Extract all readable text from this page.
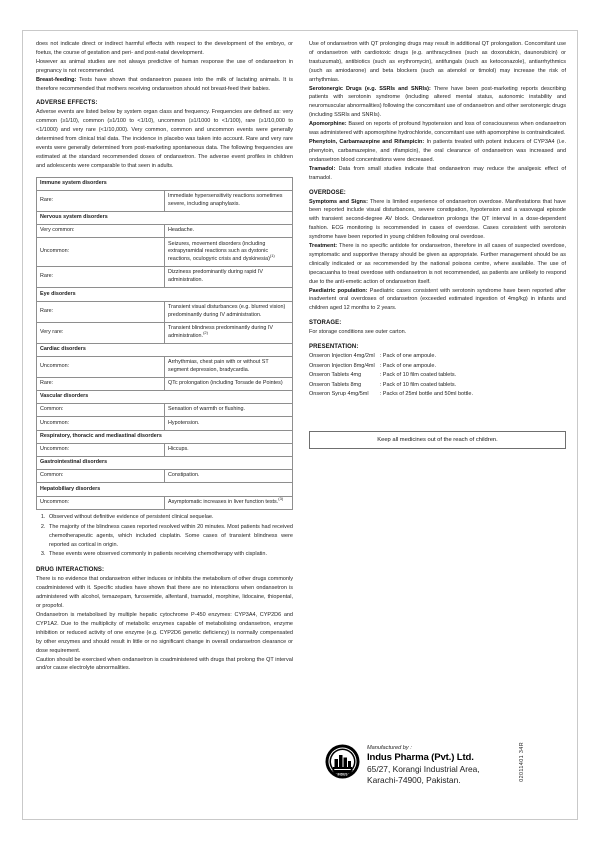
does not indicate direct or indirect harmful effects with respect to the development of the embryo, or foetus, the course of gestation and peri- and post-natal development.

However as animal studies are not always predictive of human response the use of ondansetron in pregnancy is not recommended.

Breast-feeding: Tests have shown that ondansetron passes into the milk of lactating animals. It is therefore recommended that mothers receiving ondansetron should not breast-feed their babies.

ADVERSE EFFECTS:

Adverse events are listed below by system organ class and frequency. Frequencies are defined as: very common (≥1/10), common (≥1/100 to <1/10), uncommon (≥1/1000 to <1/100), rare (≥1/10,000 to <1/1000) and very rare (<1/10,000). Very common, common and uncommon events were generally determined from clinical trial data. The incidence in placebo was taken into account. Rare and very rare events were generally determined from post-marketing spontaneous data. The following frequencies are estimated at the standard recommended doses of ondansetron. The adverse event profiles in children and adolescents were comparable to that seen in adults.

Immune system disorders	
Rare:	Immediate hypersensitivity reactions sometimes severe, including anaphylaxis.
Nervous system disorders	
Very common:	Headache.
Uncommon:	Seizures, movement disorders (including extrapyramidal reactions such as dystonic reactions, oculogyric crisis and dyskinesia)$^{(1)}$
Rare:	Dizziness predominantly during rapid IV administration.
Eye disorders	
Rare:	Transient visual disturbances (e.g. blurred vision) predominantly during IV administration.
Very rare:	Transient blindness predominantly during IV administration.$^{(2)}$
Cardiac disorders	
Uncommon:	Arrhythmias, chest pain with or without ST segment depression, bradycardia.
Rare:	QTc prolongation (including Torsade de Pointes)
Vascular disorders	
Common:	Sensation of warmth or flushing.
Uncommon:	Hypotension.
Respiratory, thoracic and mediastinal disorders	
Uncommon:	Hiccups.
Gastrointestinal disorders	
Common:	Constipation.
Hepatobiliary disorders	
Uncommon:	Asymptomatic increases in liver function tests.$^{(3)}$
1. Observed without definitive evidence of persistent clinical sequelae.
2. The majority of the blindness cases reported resolved within 20 minutes. Most patients had received chemotherapeutic agents, which included cisplatin. Some cases of transient blindness were reported as cortical in origin.
3. These events were observed commonly in patients receiving chemotherapy with cisplatin.
DRUG INTERACTIONS:

There is no evidence that ondansetron either induces or inhibits the metabolism of other drugs commonly coadministered with it. Specific studies have shown that there are no interactions when ondansetron is administered with alcohol, temazepam, furosemide, alfentanil, tramadol, morphine, lidocaine, thiopental, or propofol.

Ondansetron is metabolised by multiple hepatic cytochrome P-450 enzymes: CYP3A4, CYP2D6 and CYP1A2. Due to the multiplicity of metabolic enzymes capable of metabolising ondansetron, enzyme inhibition or reduced activity of one enzyme (e.g. CYP2D6 genetic deficiency) is normally compensated by other enzymes and should result in little or no significant change in overall ondansetron clearance or dose requirement.

Caution should be exercised when ondansetron is coadministered with drugs that prolong the QT interval and/or cause electrolyte abnormalities.

Use of ondansetron with QT prolonging drugs may result in additional QT prolongation. Concomitant use of ondansetron with cardiotoxic drugs (e.g. anthracyclines (such as doxorubicin, daunorubicin) or trastuzumab), antibiotics (such as erythromycin), antifungals (such as ketoconazole), antiarrhythmics (such as amiodarone) and beta blockers (such as atenolol or timolol) may increase the risk of arrhythmias.

Serotonergic Drugs (e.g. SSRIs and SNRIs): There have been post-marketing reports describing patients with serotonin syndrome (including altered mental status, autonomic instability and neuromuscular abnormalities) following the concomitant use of ondansetron and other serotonergic drugs (including SSRIs and SNRIs).

Apomorphine: Based on reports of profound hypotension and loss of consciousness when ondansetron was administered with apomorphine hydrochloride, concomitant use with apomorphine is contraindicated.

Phenytoin, Carbamazepine and Rifampicin: In patients treated with potent inducers of CYP3A4 (i.e. phenytoin, carbamazepine, and rifampicin), the oral clearance of ondansetron was increased and ondansetron blood concentrations were decreased.

Tramadol: Data from small studies indicate that ondansetron may reduce the analgesic effect of tramadol.

OVERDOSE:

Symptoms and Signs: There is limited experience of ondansetron overdose. Manifestations that have been reported include visual disturbances, severe constipation, hypotension and a vasovagal episode with transient second-degree AV block. Ondansetron prolongs the QT interval in a dose-dependent fashion. ECG monitoring is recommended in cases of overdose. Cases consistent with serotonin syndrome have been reported in young children following oral overdose.

Treatment: There is no specific antidote for ondansetron, therefore in all cases of suspected overdose, symptomatic and supportive therapy should be given as appropriate. Further management should be as clinically indicated or as recommended by the national poisons centre, where available. The use of ipecacuanha to treat overdose with ondansetron is not recommended, as patients are unlikely to respond due to the anti-emetic action of ondansetron itself.

Paediatric population: Paediatric cases consistent with serotonin syndrome have been reported after inadvertent oral overdoses of ondansetron (exceeded estimated ingestion of 4mg/kg) in infants and children aged 12 months to 2 years.

STORAGE:

For storage conditions see outer carton.

PRESENTATION:
Onseron Injection 4mg/2ml	: Pack of one ampoule.
Onseron Injection 8mg/4ml	: Pack of one ampoule.
Onseron Tablets 4mg	: Pack of 10 film coated tablets.
Onseron Tablets 8mg	: Pack of 10 film coated tablets.
Onseron Syrup 4mg/5ml	: Packs of 25ml bottle and 50ml bottle.
Keep all medicines out of the reach of children.
INDUS
Manufactured by :
Indus Pharma (Pvt.) Ltd.
65/27, Korangi Industrial Area,
Karachi-74900, Pakistan.	02011401 34R
